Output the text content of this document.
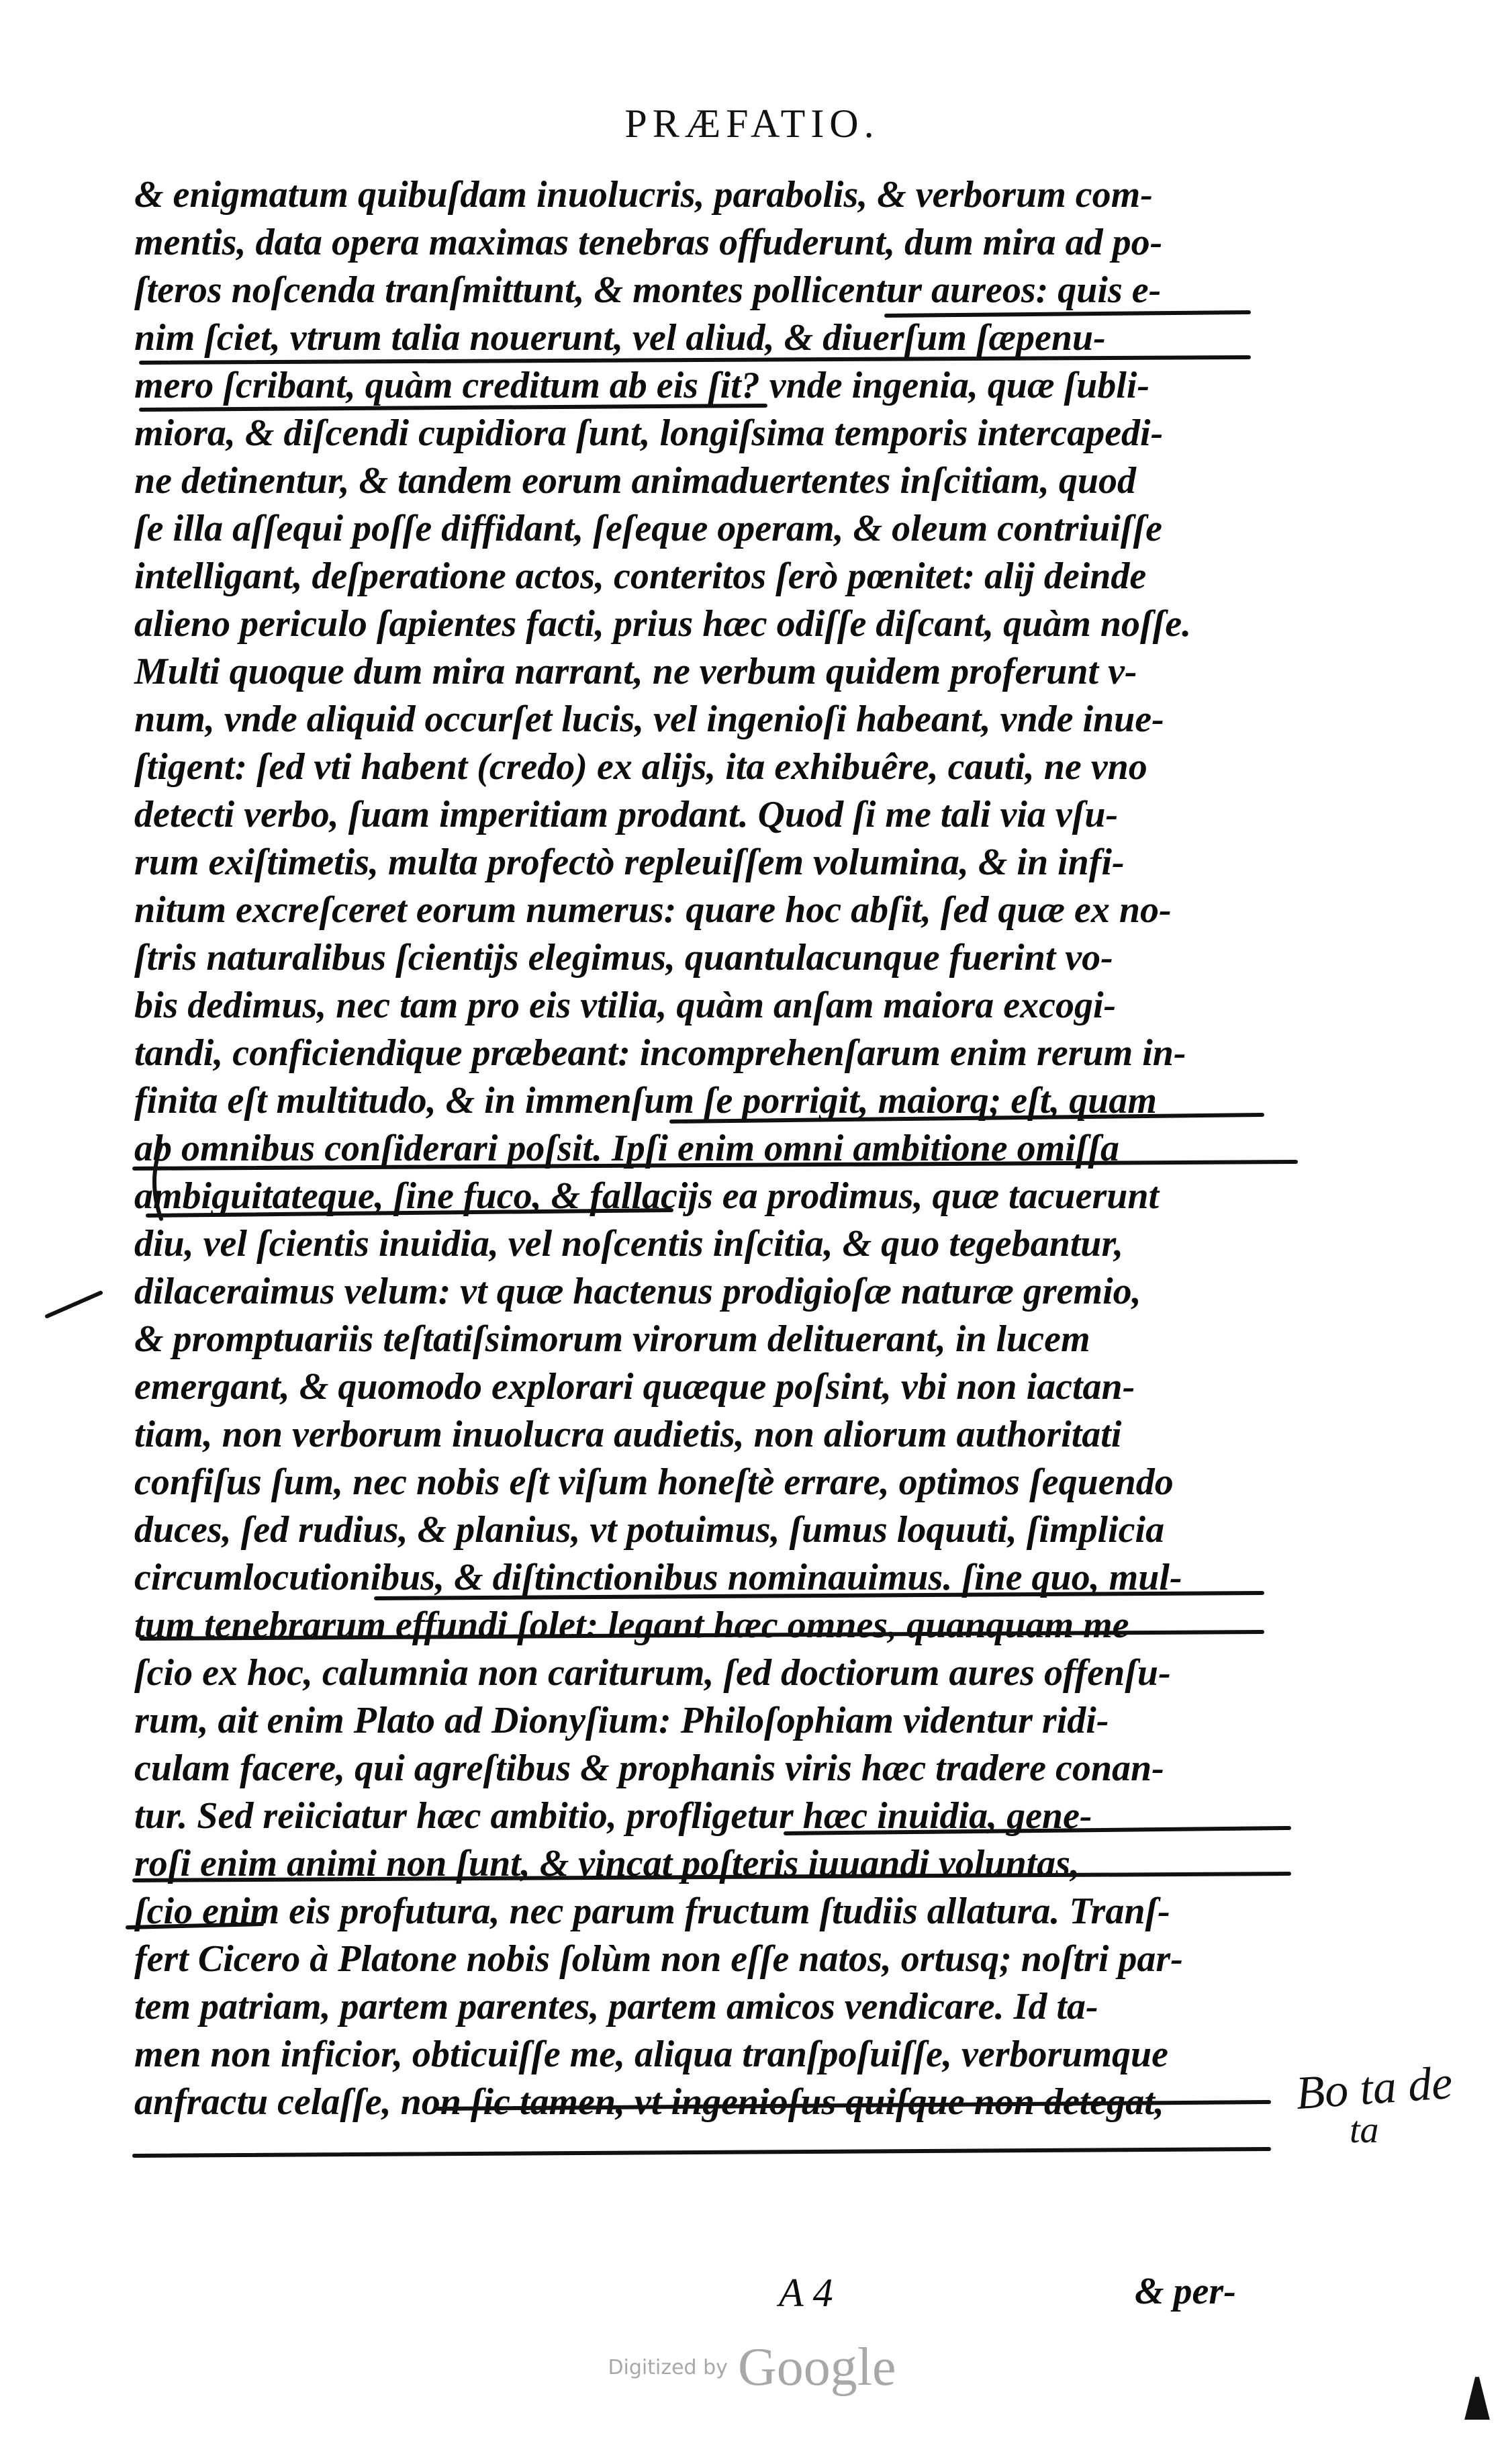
PRÆFATIO.
& enigmatum quibuſdam inuolucris, parabolis, & verborum com-
mentis, data opera maximas tenebras offuderunt, dum mira ad po-
ſteros noſcenda tranſmittunt, & montes pollicentur aureos: quis e-
nim ſciet, vtrum talia nouerunt, vel aliud, & diuerſum ſæpenu-
mero ſcribant, quàm creditum ab eis ſit? vnde ingenia, quæ ſubli-
miora, & diſcendi cupidiora ſunt, longiſsima temporis intercapedi-
ne detinentur, & tandem eorum animaduertentes inſcitiam, quod
ſe illa aſſequi poſſe diffidant, ſeſeque operam, & oleum contriuiſſe
intelligant, deſperatione actos, conteritos ſerò pœnitet: alij deinde
alieno periculo ſapientes facti, prius hæc odiſſe diſcant, quàm noſſe.
Multi quoque dum mira narrant, ne verbum quidem proferunt v-
num, vnde aliquid occurſet lucis, vel ingenioſi habeant, vnde inue-
ſtigent: ſed vti habent (credo) ex alijs, ita exhibuêre, cauti, ne vno
detecti verbo, ſuam imperitiam prodant. Quod ſi me tali via vſu-
rum exiſtimetis, multa profectò repleuiſſem volumina, & in infi-
nitum excreſceret eorum numerus: quare hoc abſit, ſed quæ ex no-
ſtris naturalibus ſcientijs elegimus, quantulacunque fuerint vo-
bis dedimus, nec tam pro eis vtilia, quàm anſam maiora excogi-
tandi, conficiendique præbeant: incomprehenſarum enim rerum in-
finita eſt multitudo, & in immenſum ſe porrigit, maiorq; eſt, quam
ab omnibus conſiderari poſsit. Ipſi enim omni ambitione omiſſa
ambiguitateque, ſine fuco, & fallacijs ea prodimus, quæ tacuerunt
diu, vel ſcientis inuidia, vel noſcentis inſcitia, & quo tegebantur,
dilaceraimus velum: vt quæ hactenus prodigioſæ naturæ gremio,
& promptuariis teſtatiſsimorum virorum delituerant, in lucem
emergant, & quomodo explorari quæque poſsint, vbi non iactan-
tiam, non verborum inuolucra audietis, non aliorum authoritati
confiſus ſum, nec nobis eſt viſum honeſtè errare, optimos ſequendo
duces, ſed rudius, & planius, vt potuimus, ſumus loquuti, ſimplicia
circumlocutionibus, & diſtinctionibus nominauimus. ſine quo, mul-
tum tenebrarum effundi ſolet: legant hæc omnes, quanquam me
ſcio ex hoc, calumnia non cariturum, ſed doctiorum aures offenſu-
rum, ait enim Plato ad Dionyſium: Philoſophiam videntur ridi-
culam facere, qui agreſtibus & prophanis viris hæc tradere conan-
tur. Sed reiiciatur hæc ambitio, profligetur hæc inuidia, gene-
roſi enim animi non ſunt, & vincat poſteris iuuandi voluntas,
ſcio enim eis profutura, nec parum fructum ſtudiis allatura. Tranſ-
fert Cicero à Platone nobis ſolùm non eſſe natos, ortusq; noſtri par-
tem patriam, partem parentes, partem amicos vendicare. Id ta-
men non inficior, obticuiſſe me, aliqua tranſpoſuiſſe, verborumque
anfractu celaſſe, non ſic tamen, vt ingenioſus quiſque non detegat,	Bo ta de
ta
A 4	& per-
Digitized by Google
